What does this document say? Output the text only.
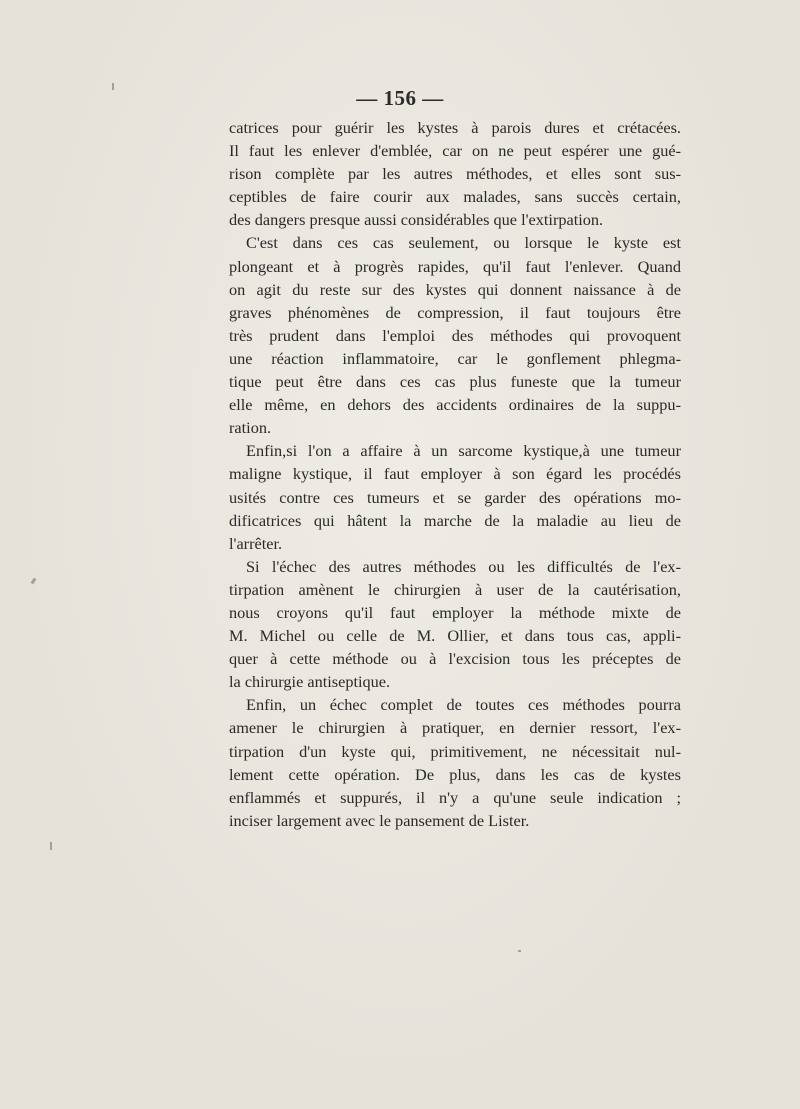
— 156 —
catrices pour guérir les kystes à parois dures et crétacées.
Il faut les enlever d'emblée, car on ne peut espérer une gué-
rison complète par les autres méthodes, et elles sont sus-
ceptibles de faire courir aux malades, sans succès certain,
des dangers presque aussi considérables que l'extirpation.
C'est dans ces cas seulement, ou lorsque le kyste est
plongeant et à progrès rapides, qu'il faut l'enlever. Quand
on agit du reste sur des kystes qui donnent naissance à de
graves phénomènes de compression, il faut toujours être
très prudent dans l'emploi des méthodes qui provoquent
une réaction inflammatoire, car le gonflement phlegma-
tique peut être dans ces cas plus funeste que la tumeur
elle même, en dehors des accidents ordinaires de la suppu-
ration.
Enfin,si l'on a affaire à un sarcome kystique,à une tumeur
maligne kystique, il faut employer à son égard les procédés
usités contre ces tumeurs et se garder des opérations mo-
dificatrices qui hâtent la marche de la maladie au lieu de
l'arrêter.
Si l'échec des autres méthodes ou les difficultés de l'ex-
tirpation amènent le chirurgien à user de la cautérisation,
nous croyons qu'il faut employer la méthode mixte de
M. Michel ou celle de M. Ollier, et dans tous cas, appli-
quer à cette méthode ou à l'excision tous les préceptes de
la chirurgie antiseptique.
Enfin, un échec complet de toutes ces méthodes pourra
amener le chirurgien à pratiquer, en dernier ressort, l'ex-
tirpation d'un kyste qui, primitivement, ne nécessitait nul-
lement cette opération. De plus, dans les cas de kystes
enflammés et suppurés, il n'y a qu'une seule indication ;
inciser largement avec le pansement de Lister.
